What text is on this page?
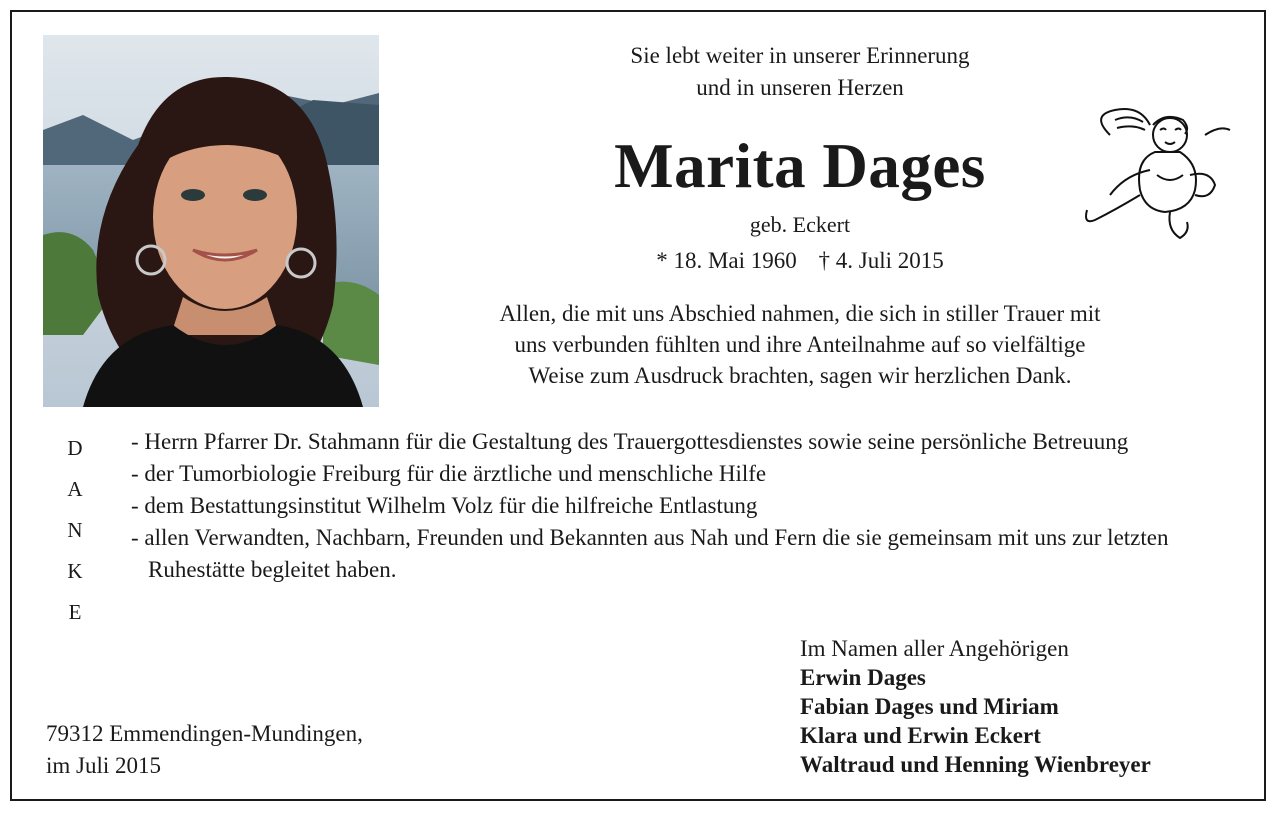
Sie lebt weiter in unserer Erinnerung
und in unseren Herzen
Marita Dages
geb. Eckert
* 18. Mai 1960 † 4. Juli 2015
Allen, die mit uns Abschied nahmen, die sich in stiller Trauer mit
uns verbunden fühlten und ihre Anteilnahme auf so vielfältige
Weise zum Ausdruck brachten, sagen wir herzlichen Dank.
D
A
N
K
E
- Herrn Pfarrer Dr. Stahmann für die Gestaltung des Trauergottesdienstes sowie seine persönliche Betreuung
- der Tumorbiologie Freiburg für die ärztliche und menschliche Hilfe
- dem Bestattungsinstitut Wilhelm Volz für die hilfreiche Entlastung
- allen Verwandten, Nachbarn, Freunden und Bekannten aus Nah und Fern die sie gemeinsam mit uns zur letzten Ruhestätte begleitet haben.
Im Namen aller Angehörigen
Erwin Dages
Fabian Dages und Miriam
Klara und Erwin Eckert
Waltraud und Henning Wienbreyer
79312 Emmendingen-Mundingen,
im Juli 2015
